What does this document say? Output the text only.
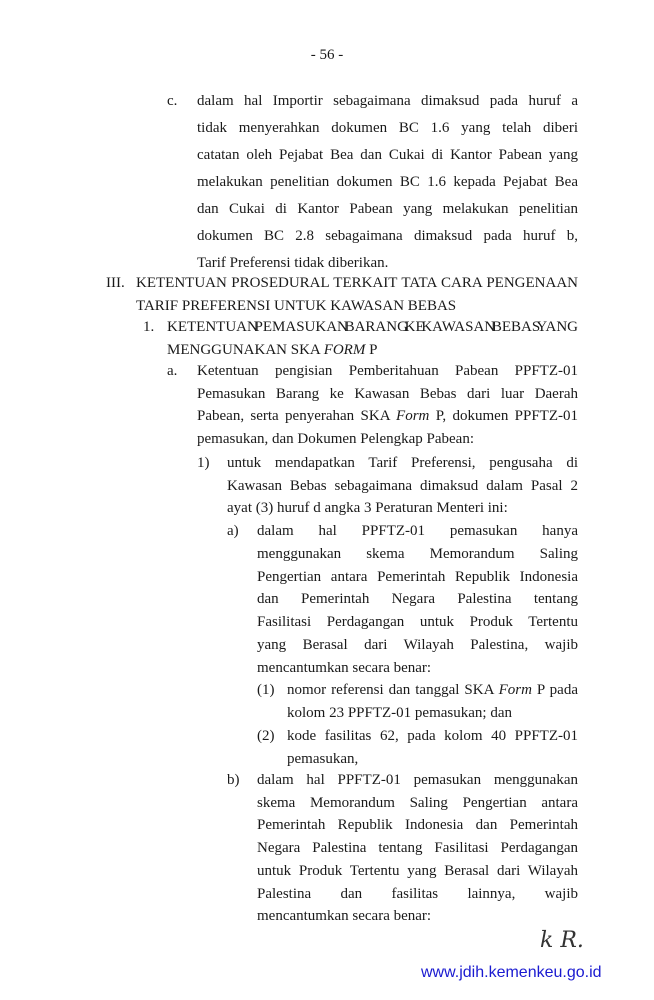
- 56 -
c. dalam hal Importir sebagaimana dimaksud pada huruf a
tidak menyerahkan dokumen BC 1.6 yang telah diberi
catatan oleh Pejabat Bea dan Cukai di Kantor Pabean yang
melakukan penelitian dokumen BC 1.6 kepada Pejabat Bea
dan Cukai di Kantor Pabean yang melakukan penelitian
dokumen BC 2.8 sebagaimana dimaksud pada huruf b,
Tarif Preferensi tidak diberikan.
III. KETENTUAN PROSEDURAL TERKAIT TATA CARA PENGENAAN
TARIF PREFERENSI UNTUK KAWASAN BEBAS
1. KETENTUAN PEMASUKAN BARANG KE KAWASAN BEBAS YANG
MENGGUNAKAN SKA FORM P
a. Ketentuan pengisian Pemberitahuan Pabean PPFTZ-01
Pemasukan Barang ke Kawasan Bebas dari luar Daerah
Pabean, serta penyerahan SKA Form P, dokumen PPFTZ-01
pemasukan, dan Dokumen Pelengkap Pabean:
1) untuk mendapatkan Tarif Preferensi, pengusaha di
Kawasan Bebas sebagaimana dimaksud dalam Pasal 2
ayat (3) huruf d angka 3 Peraturan Menteri ini:
a) dalam hal PPFTZ-01 pemasukan hanya
menggunakan skema Memorandum Saling
Pengertian antara Pemerintah Republik Indonesia
dan Pemerintah Negara Palestina tentang
Fasilitasi Perdagangan untuk Produk Tertentu
yang Berasal dari Wilayah Palestina, wajib
mencantumkan secara benar:
(1) nomor referensi dan tanggal SKA Form P pada
kolom 23 PPFTZ-01 pemasukan; dan
(2) kode fasilitas 62, pada kolom 40 PPFTZ-01
pemasukan,
b) dalam hal PPFTZ-01 pemasukan menggunakan
skema Memorandum Saling Pengertian antara
Pemerintah Republik Indonesia dan Pemerintah
Negara Palestina tentang Fasilitasi Perdagangan
untuk Produk Tertentu yang Berasal dari Wilayah
Palestina dan fasilitas lainnya, wajib
mencantumkan secara benar:
k R.
www.jdih.kemenkeu.go.id
